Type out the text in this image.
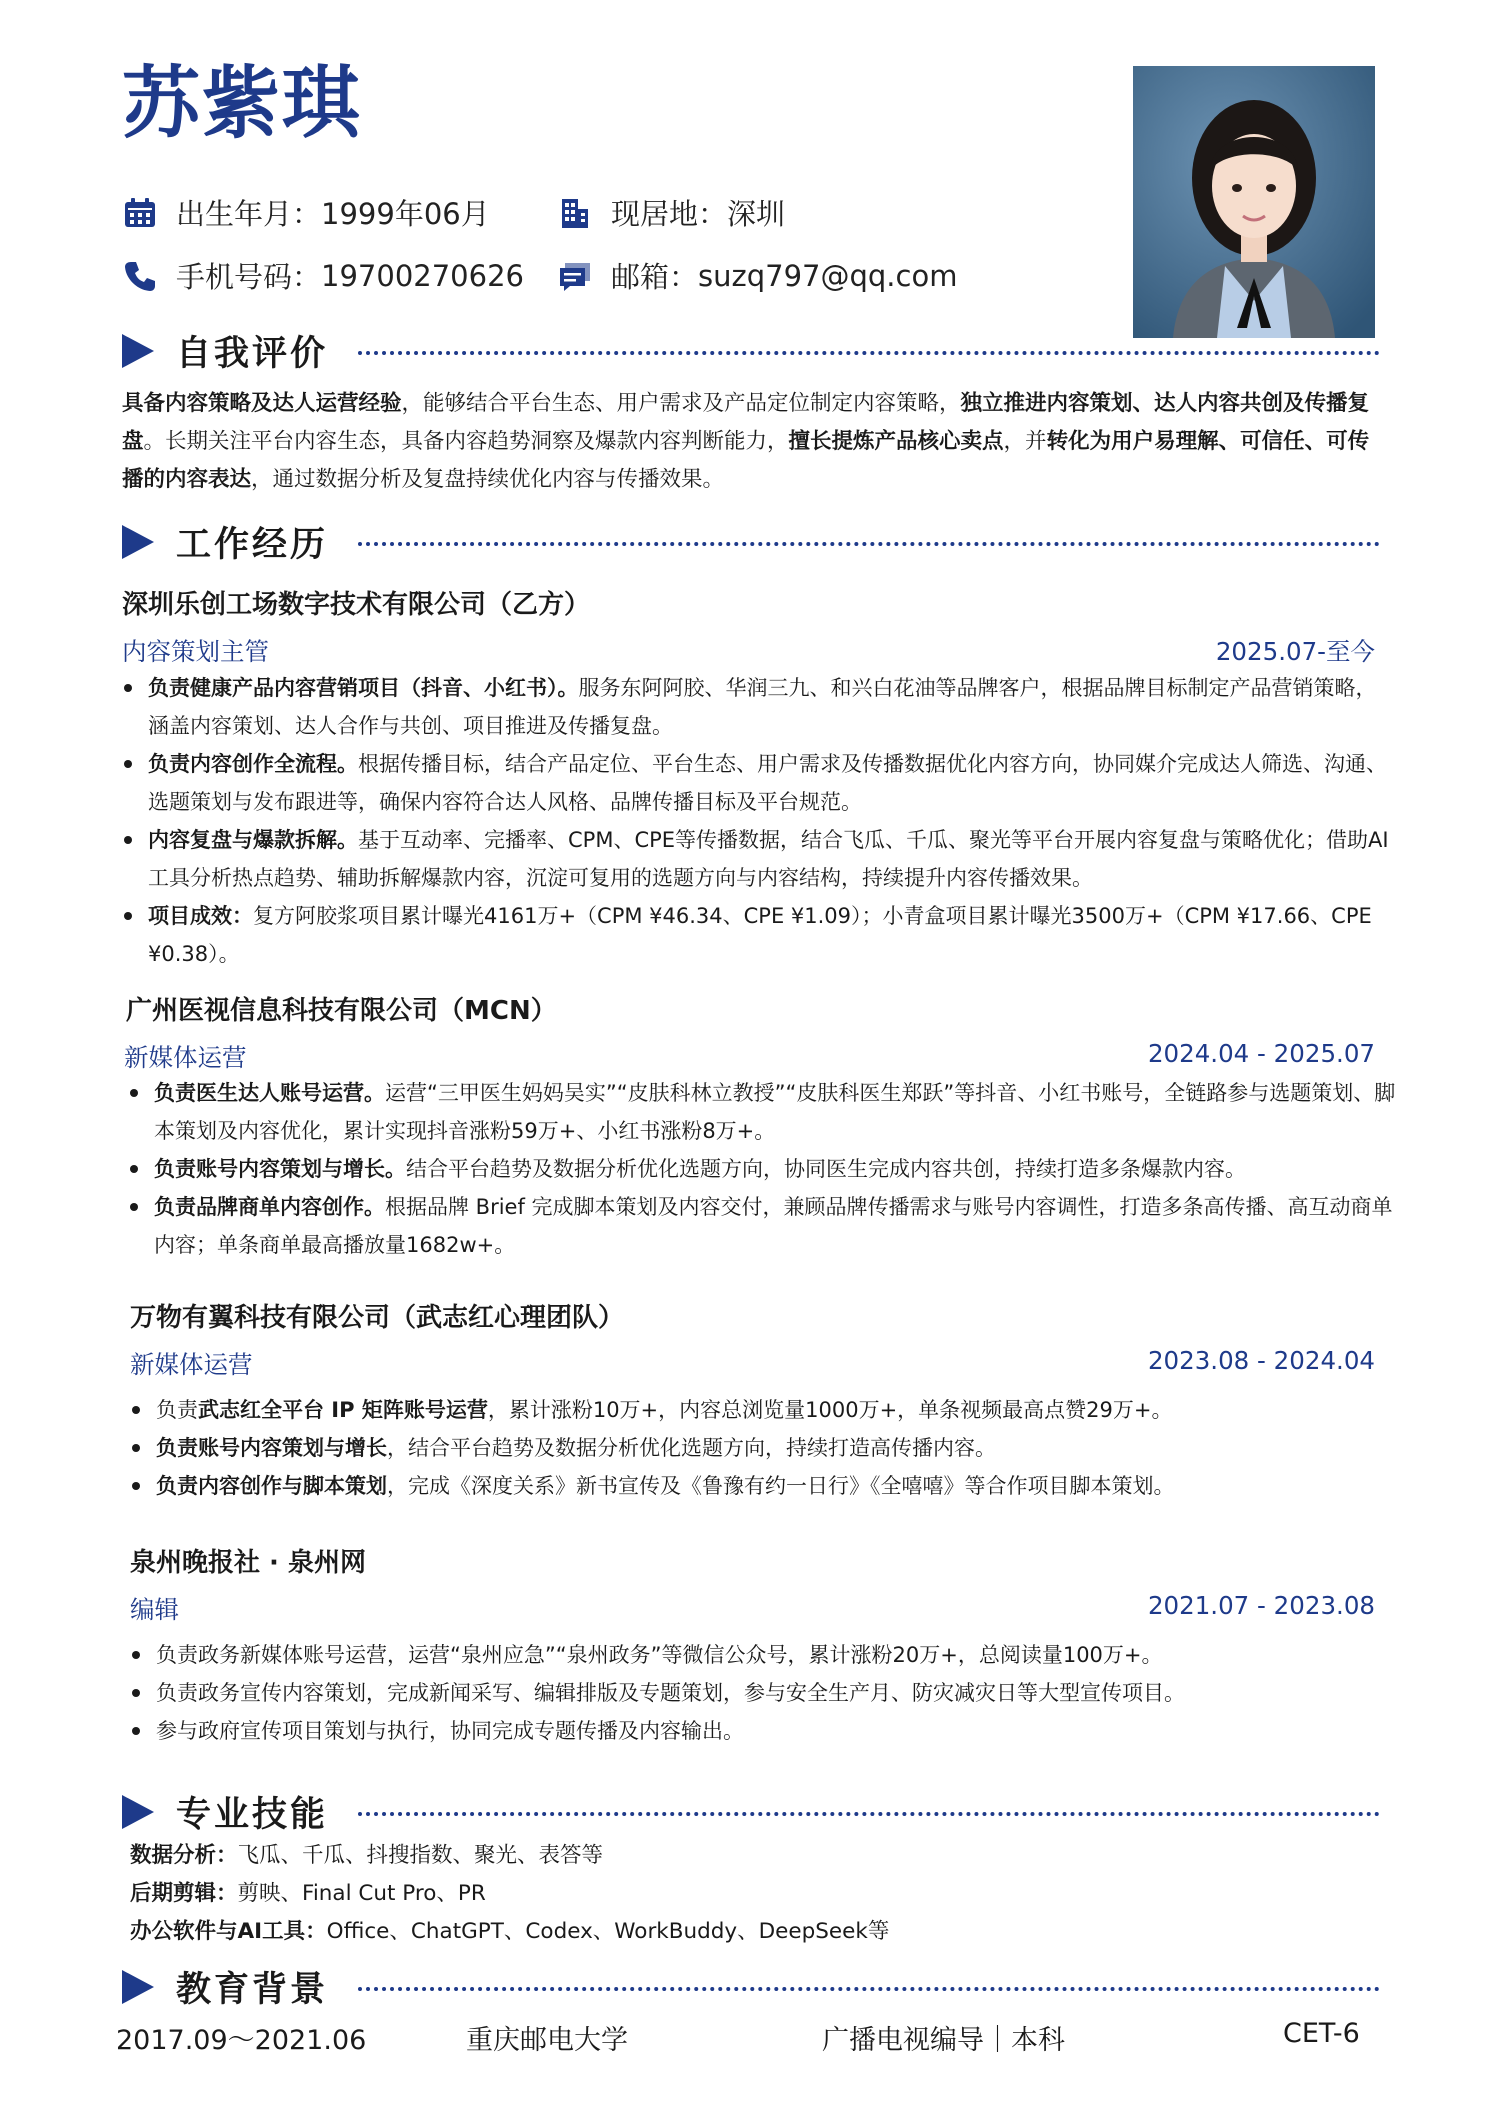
苏紫琪
出生年月： 1999年06月	现居地： 深圳
手机号码： 19700270626	邮箱： suzq797@qq.com
自我评价
具备内容策略及达人运营经验，能够结合平台生态、用户需求及产品定位制定内容策略，独立推进内容策划、达人内容共创及传播复盘。长期关注平台内容生态，具备内容趋势洞察及爆款内容判断能力，擅长提炼产品核心卖点，并转化为用户易理解、可信任、可传播的内容表达，通过数据分析及复盘持续优化内容与传播效果。
工作经历
深圳乐创工场数字技术有限公司（乙方）
内容策划主管	2025.07-至今
负责健康产品内容营销项目（抖音、小红书）。服务东阿阿胶、华润三九、和兴白花油等品牌客户，根据品牌目标制定产品营销策略，涵盖内容策划、达人合作与共创、项目推进及传播复盘。
负责内容创作全流程。根据传播目标，结合产品定位、平台生态、用户需求及传播数据优化内容方向，协同媒介完成达人筛选、沟通、选题策划与发布跟进等，确保内容符合达人风格、品牌传播目标及平台规范。
内容复盘与爆款拆解。基于互动率、完播率、CPM、CPE等传播数据，结合飞瓜、千瓜、聚光等平台开展内容复盘与策略优化；借助AI工具分析热点趋势、辅助拆解爆款内容，沉淀可复用的选题方向与内容结构，持续提升内容传播效果。
项目成效：复方阿胶浆项目累计曝光4161万+（CPM ¥46.34、CPE ¥1.09）；小青盒项目累计曝光3500万+（CPM ¥17.66、CPE ¥0.38）。
广州医视信息科技有限公司（MCN）
新媒体运营	2024.04 - 2025.07
负责医生达人账号运营。运营“三甲医生妈妈吴实”“皮肤科林立教授”“皮肤科医生郑跃”等抖音、小红书账号，全链路参与选题策划、脚本策划及内容优化，累计实现抖音涨粉59万+、小红书涨粉8万+。
负责账号内容策划与增长。结合平台趋势及数据分析优化选题方向，协同医生完成内容共创，持续打造多条爆款内容。
负责品牌商单内容创作。根据品牌 Brief 完成脚本策划及内容交付，兼顾品牌传播需求与账号内容调性，打造多条高传播、高互动商单内容；单条商单最高播放量1682w+。
万物有翼科技有限公司（武志红心理团队）
新媒体运营	2023.08 - 2024.04
负责武志红全平台 IP 矩阵账号运营，累计涨粉10万+，内容总浏览量1000万+，单条视频最高点赞29万+。
负责账号内容策划与增长，结合平台趋势及数据分析优化选题方向，持续打造高传播内容。
负责内容创作与脚本策划，完成《深度关系》新书宣传及《鲁豫有约一日行》《全嘻嘻》等合作项目脚本策划。
泉州晚报社 · 泉州网
编辑	2021.07 - 2023.08
负责政务新媒体账号运营，运营“泉州应急”“泉州政务”等微信公众号，累计涨粉20万+，总阅读量100万+。
负责政务宣传内容策划，完成新闻采写、编辑排版及专题策划，参与安全生产月、防灾减灾日等大型宣传项目。
参与政府宣传项目策划与执行，协同完成专题传播及内容输出。
专业技能
数据分析：飞瓜、千瓜、抖搜指数、聚光、表答等
后期剪辑：剪映、Final Cut Pro、PR
办公软件与AI工具：Office、ChatGPT、Codex、WorkBuddy、DeepSeek等
教育背景
2017.09～2021.06	重庆邮电大学	广播电视编导｜本科	CET-6
